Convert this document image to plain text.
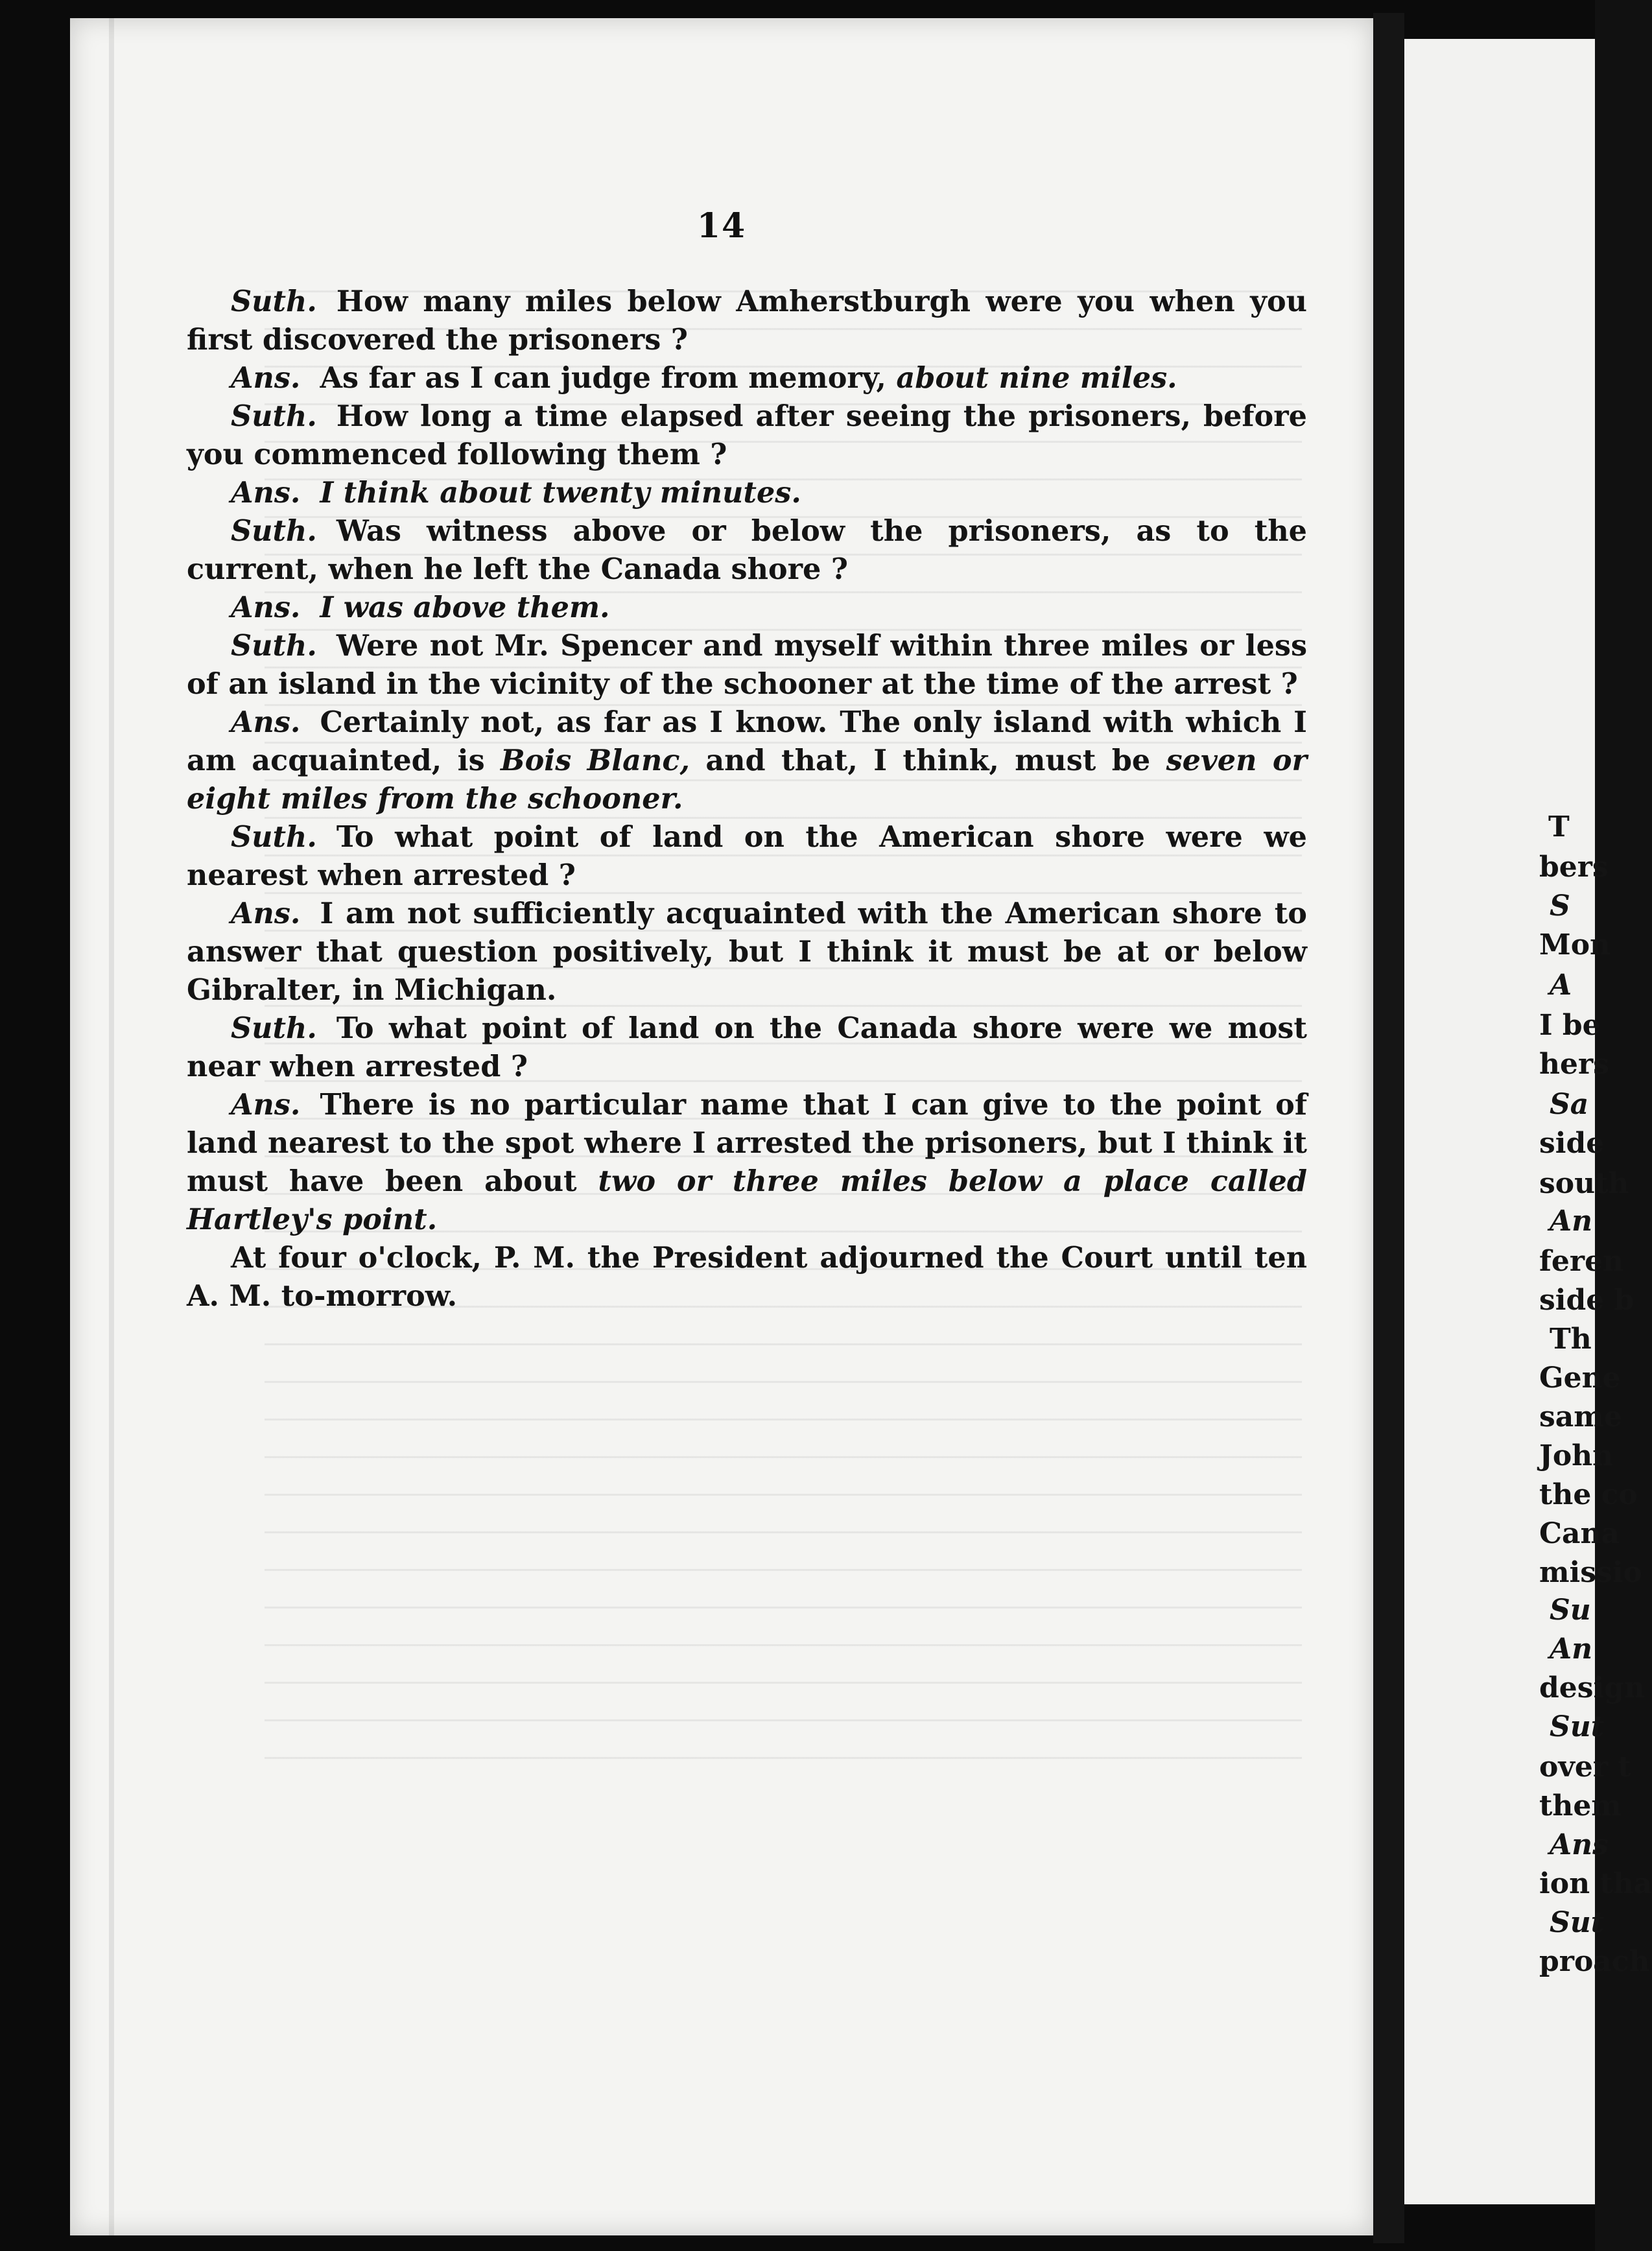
14

Suth. How many miles below Amherstburgh were you when you first discovered the prisoners ?

Ans. As far as I can judge from memory, about nine miles.

Suth. How long a time elapsed after seeing the prisoners, before you commenced following them ?

Ans. I think about twenty minutes.

Suth. Was witness above or below the prisoners, as to the current, when he left the Canada shore ?

Ans. I was above them.

Suth. Were not Mr. Spencer and myself within three miles or less of an island in the vicinity of the schooner at the time of the arrest ?

Ans. Certainly not, as far as I know. The only island with which I am acquainted, is Bois Blanc, and that, I think, must be seven or eight miles from the schooner.

Suth. To what point of land on the American shore were we nearest when arrested ?

Ans. I am not sufficiently acquainted with the American shore to answer that question positively, but I think it must be at or below Gibralter, in Michigan.

Suth. To what point of land on the Canada shore were we most near when arrested ?

Ans. There is no particular name that I can give to the point of land nearest to the spot where I arrested the prisoners, but I think it must have been about two or three miles below a place called Hartley's point.

At four o'clock, P. M. the President adjourned the Court until ten A. M. to-morrow.

T
bers
S
Mon
A
I be
hers
Sa
side
south
An
feren
side b
Th
Gene
same
John
the co
Cana
missio
Su
An
design
Sut
over t
them
Ans
ion tha
Sut
proach
